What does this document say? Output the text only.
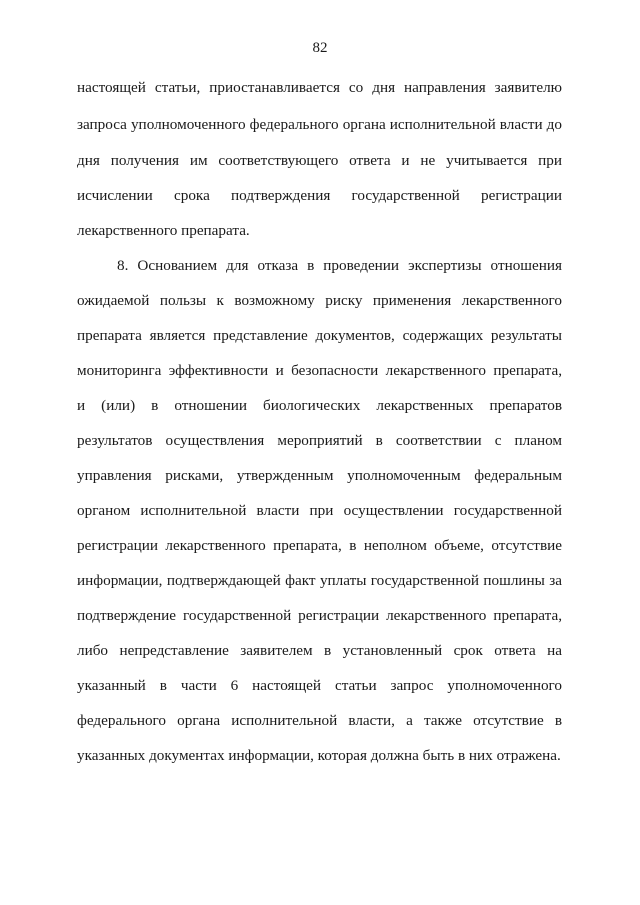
82
настоящей статьи, приостанавливается со дня направления заявителю
запроса уполномоченного федерального органа исполнительной власти до
дня получения им соответствующего ответа и не учитывается при
исчислении срока подтверждения государственной регистрации
лекарственного препарата.
8. Основанием для отказа в проведении экспертизы отношения
ожидаемой пользы к возможному риску применения лекарственного
препарата является представление документов, содержащих результаты
мониторинга эффективности и безопасности лекарственного препарата,
и (или) в отношении биологических лекарственных препаратов
результатов осуществления мероприятий в соответствии с планом
управления рисками, утвержденным уполномоченным федеральным
органом исполнительной власти при осуществлении государственной
регистрации лекарственного препарата, в неполном объеме, отсутствие
информации, подтверждающей факт уплаты государственной пошлины за
подтверждение государственной регистрации лекарственного препарата,
либо непредставление заявителем в установленный срок ответа на
указанный в части 6 настоящей статьи запрос уполномоченного
федерального органа исполнительной власти, а также отсутствие в
указанных документах информации, которая должна быть в них отражена.
